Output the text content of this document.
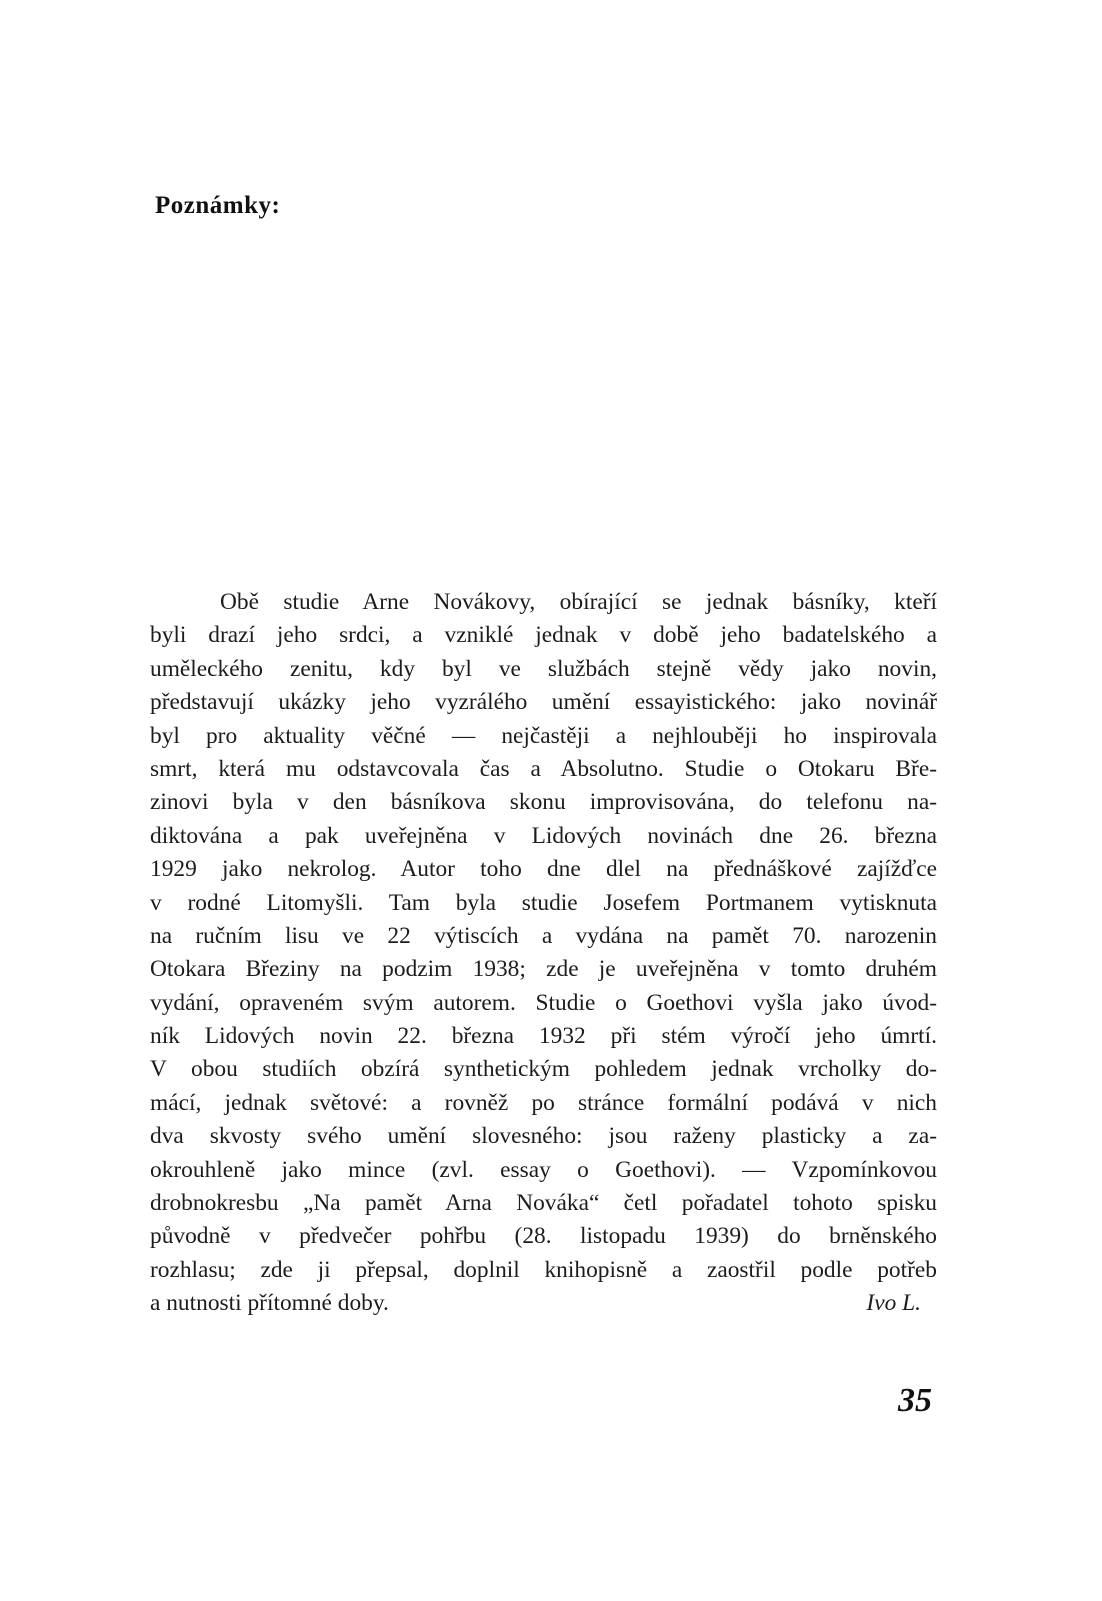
Poznámky:
Obě studie Arne Novákovy, obírající se jednak básníky, kteří
byli drazí jeho srdci, a vzniklé jednak v době jeho badatelského a
uměleckého zenitu, kdy byl ve službách stejně vědy jako novin,
představují ukázky jeho vyzrálého umění essayistického: jako novinář
byl pro aktuality věčné — nejčastěji a nejhlouběji ho inspirovala
smrt, která mu odstavcovala čas a Absolutno. Studie o Otokaru Bře-
zinovi byla v den básníkova skonu improvisována, do telefonu na-
diktována a pak uveřejněna v Lidových novinách dne 26. března
1929 jako nekrolog. Autor toho dne dlel na přednáškové zajížďce
v rodné Litomyšli. Tam byla studie Josefem Portmanem vytisknuta
na ručním lisu ve 22 výtiscích a vydána na pamět 70. narozenin
Otokara Březiny na podzim 1938; zde je uveřejněna v tomto druhém
vydání, opraveném svým autorem. Studie o Goethovi vyšla jako úvod-
ník Lidových novin 22. března 1932 při stém výročí jeho úmrtí.
V obou studiích obzírá synthetickým pohledem jednak vrcholky do-
mácí, jednak světové: a rovněž po stránce formální podává v nich
dva skvosty svého umění slovesného: jsou raženy plasticky a za-
okrouhleně jako mince (zvl. essay o Goethovi). — Vzpomínkovou
drobnokresbu „Na pamět Arna Nováka“ četl pořadatel tohoto spisku
původně v předvečer pohřbu (28. listopadu 1939) do brněnského
rozhlasu; zde ji přepsal, doplnil knihopisně a zaostřil podle potřeb
a nutnosti přítomné doby.	Ivo L.
35
